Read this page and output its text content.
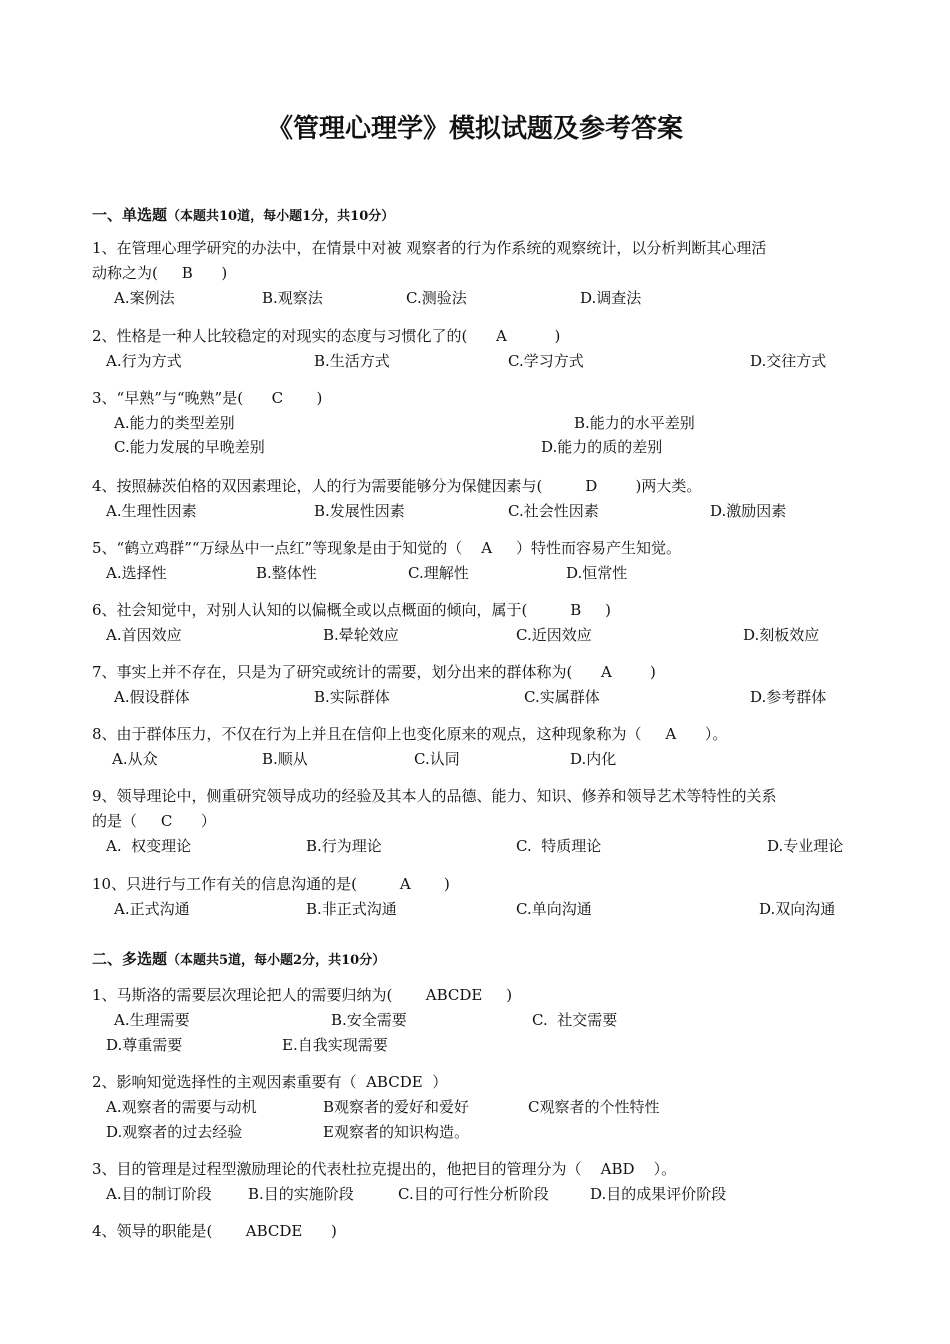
《管理心理学》模拟试题及参考答案
一、单选题（本题共10道，每小题1分，共10分）
二、多选题（本题共5道，每小题2分，共10分）
1、在管理心理学研究的办法中，在情景中对被 观察者的行为作系统的观察统计，以分析判断其心理活
动称之为(     B      )
A.案例法	B.观察法	C.测验法	D.调查法
2、性格是一种人比较稳定的对现实的态度与习惯化了的(      A          )
A.行为方式	B.生活方式	C.学习方式	D.交往方式
3、“早熟”与“晚熟”是(      C       )
A.能力的类型差别	B.能力的水平差别
C.能力发展的早晚差别	D.能力的质的差别
4、按照赫茨伯格的双因素理论，人的行为需要能够分为保健因素与(         D        )两大类。
A.生理性因素	B.发展性因素	C.社会性因素	D.激励因素
5、“鹤立鸡群”“万绿丛中一点红”等现象是由于知觉的（    A     ）特性而容易产生知觉。
A.选择性	B.整体性	C.理解性	D.恒常性
6、社会知觉中，对别人认知的以偏概全或以点概面的倾向，属于(         B     )
A.首因效应	B.晕轮效应	C.近因效应	D.刻板效应
7、事实上并不存在，只是为了研究或统计的需要，划分出来的群体称为(      A        )
A.假设群体	B.实际群体	C.实属群体	D.参考群体
8、由于群体压力，不仅在行为上并且在信仰上也变化原来的观点，这种现象称为（     A      ）。
A.从众	B.顺从	C.认同	D.内化
9、领导理论中，侧重研究领导成功的经验及其本人的品德、能力、知识、修养和领导艺术等特性的关系
的是（     C      ）
A.  权变理论	B.行为理论	C.  特质理论	D.专业理论
10、只进行与工作有关的信息沟通的是(         A       )
A.正式沟通	B.非正式沟通	C.单向沟通	D.双向沟通
1、马斯洛的需要层次理论把人的需要归纳为(       ABCDE     )
A.生理需要	B.安全需要	C.  社交需要
D.尊重需要	E.自我实现需要
2、影响知觉选择性的主观因素重要有（  ABCDE  ）
A.观察者的需要与动机	B观察者的爱好和爱好	C观察者的个性特性
D.观察者的过去经验	E观察者的知识构造。
3、目的管理是过程型激励理论的代表杜拉克提出的，他把目的管理分为（    ABD    ）。
A.目的制订阶段 B.目的实施阶段	C.目的可行性分析阶段	D.目的成果评价阶段
4、领导的职能是(       ABCDE      )
